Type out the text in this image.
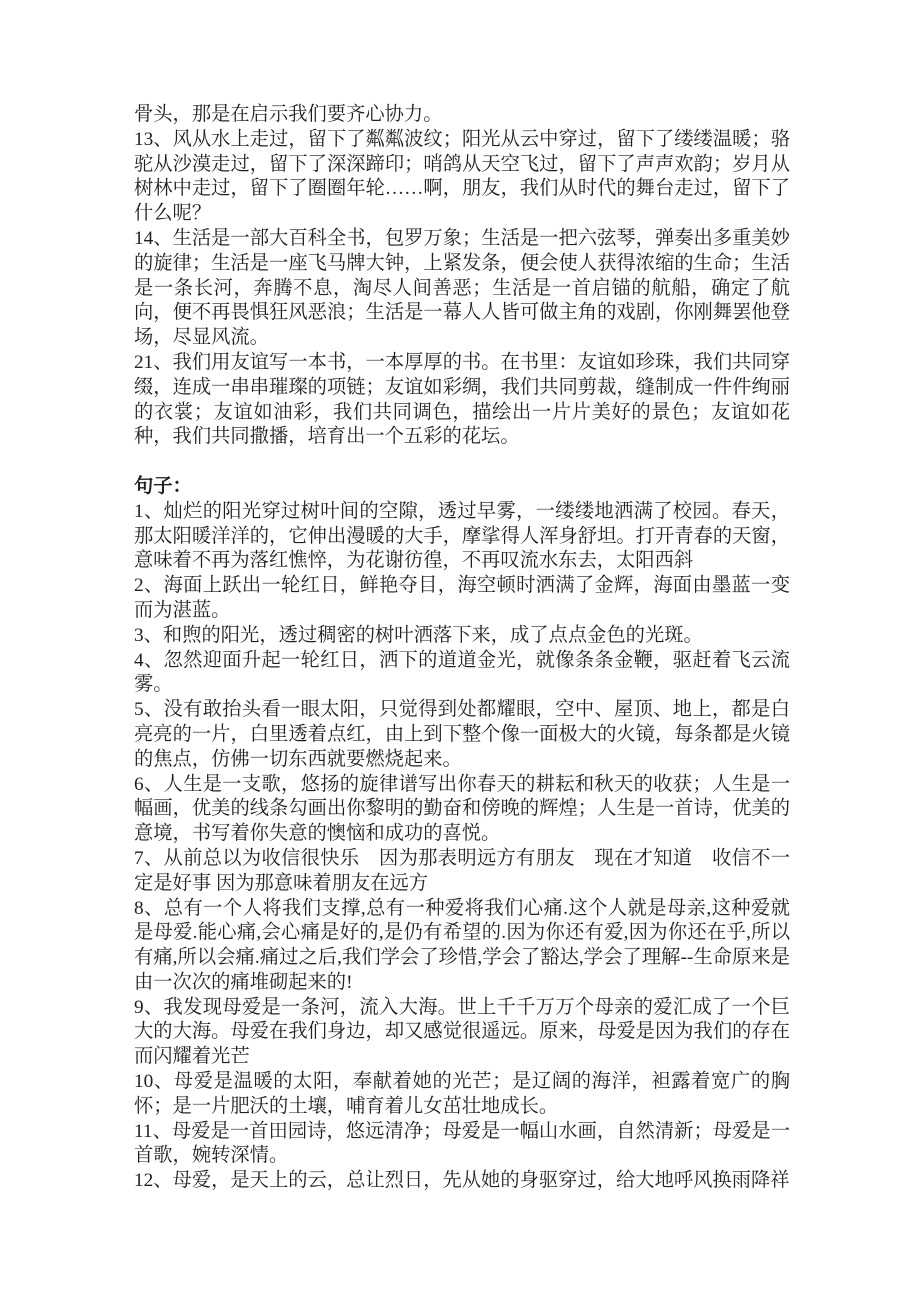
骨头，那是在启示我们要齐心协力。

13、风从水上走过，留下了粼粼波纹；阳光从云中穿过，留下了缕缕温暖；骆驼从沙漠走过，留下了深深蹄印；哨鸽从天空飞过，留下了声声欢韵；岁月从树林中走过，留下了圈圈年轮……啊，朋友，我们从时代的舞台走过，留下了什么呢？

14、生活是一部大百科全书，包罗万象；生活是一把六弦琴，弹奏出多重美妙的旋律；生活是一座飞马牌大钟，上紧发条，便会使人获得浓缩的生命；生活是一条长河，奔腾不息，淘尽人间善恶；生活是一首启锚的航船，确定了航向，便不再畏惧狂风恶浪；生活是一幕人人皆可做主角的戏剧，你刚舞罢他登场，尽显风流。

21、我们用友谊写一本书，一本厚厚的书。在书里：友谊如珍珠，我们共同穿缀，连成一串串璀璨的项链；友谊如彩绸，我们共同剪裁，缝制成一件件绚丽的衣裳；友谊如油彩，我们共同调色，描绘出一片片美好的景色；友谊如花种，我们共同撒播，培育出一个五彩的花坛。

句子：

1、灿烂的阳光穿过树叶间的空隙，透过早雾，一缕缕地洒满了校园。春天，那太阳暖洋洋的，它伸出漫暖的大手，摩挲得人浑身舒坦。打开青春的天窗，意味着不再为落红憔悴，为花谢彷徨，不再叹流水东去，太阳西斜

2、海面上跃出一轮红日，鲜艳夺目，海空顿时洒满了金辉，海面由墨蓝一变而为湛蓝。

3、和煦的阳光，透过稠密的树叶洒落下来，成了点点金色的光斑。

4、忽然迎面升起一轮红日，洒下的道道金光，就像条条金鞭，驱赶着飞云流雾。

5、没有敢抬头看一眼太阳，只觉得到处都耀眼，空中、屋顶、地上，都是白亮亮的一片，白里透着点红，由上到下整个像一面极大的火镜，每条都是火镜的焦点，仿佛一切东西就要燃烧起来。

6、人生是一支歌，悠扬的旋律谱写出你春天的耕耘和秋天的收获；人生是一幅画，优美的线条勾画出你黎明的勤奋和傍晚的辉煌；人生是一首诗，优美的意境，书写着你失意的懊恼和成功的喜悦。

7、从前总以为收信很快乐　因为那表明远方有朋友　现在才知道　收信不一定是好事 因为那意味着朋友在远方

8、总有一个人将我们支撑,总有一种爱将我们心痛.这个人就是母亲,这种爱就是母爱.能心痛,会心痛是好的,是仍有希望的.因为你还有爱,因为你还在乎,所以有痛,所以会痛.痛过之后,我们学会了珍惜,学会了豁达,学会了理解--生命原来是由一次次的痛堆砌起来的!

9、我发现母爱是一条河，流入大海。世上千千万万个母亲的爱汇成了一个巨大的大海。母爱在我们身边，却又感觉很遥远。原来，母爱是因为我们的存在而闪耀着光芒

10、母爱是温暖的太阳，奉献着她的光芒；是辽阔的海洋，袒露着宽广的胸怀；是一片肥沃的土壤，哺育着儿女茁壮地成长。

11、母爱是一首田园诗，悠远清净；母爱是一幅山水画，自然清新；母爱是一首歌，婉转深情。

12、母爱，是天上的云，总让烈日，先从她的身驱穿过，给大地呼风换雨降祥
